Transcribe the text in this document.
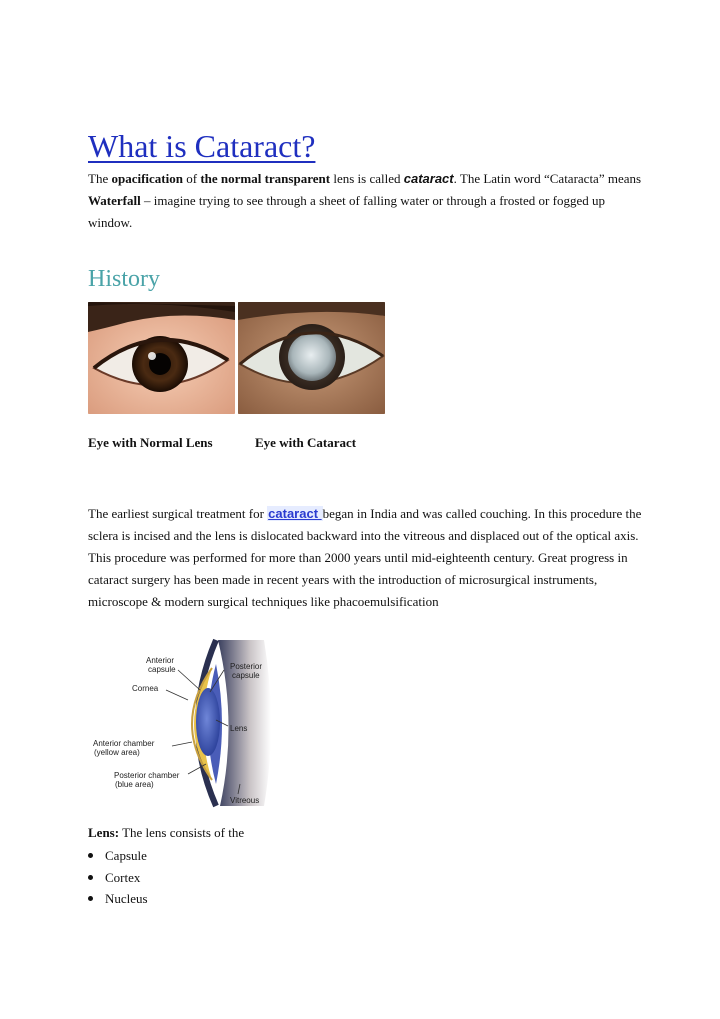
What is Cataract?

The opacification of the normal transparent lens is called cataract. The Latin word “Cataracta” means Waterfall – imagine trying to see through a sheet of falling water or through a frosted or fogged up window.

History
Eye with Normal Lens	Eye with Cataract

The earliest surgical treatment for cataract began in India and was called couching. In this procedure the sclera is incised and the lens is dislocated backward into the vitreous and displaced out of the optical axis. This procedure was performed for more than 2000 years until mid-eighteenth century. Great progress in cataract surgery has been made in recent years with the introduction of microsurgical instruments, microscope & modern surgical techniques like phacoemulsification

Anterior
capsule	Posterior
capsule
Cornea
Lens
Anterior chamber
(yellow area)
Posterior chamber
(blue area)
Vitreous

Lens: The lens consists of the

Capsule
Cortex
Nucleus
